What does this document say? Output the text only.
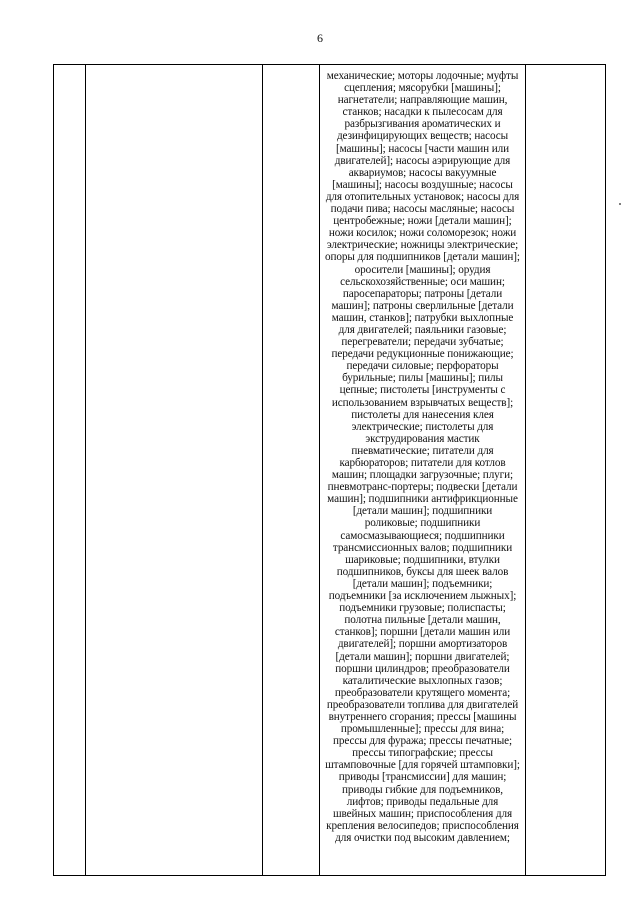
6

механические; моторы лодочные; муфты
сцепления; мясорубки [машины];
нагнетатели; направляющие машин,
станков; насадки к пылесосам для
разбрызгивания ароматических и
дезинфицирующих веществ; насосы
[машины]; насосы [части машин или
двигателей]; насосы аэрирующие для
аквариумов; насосы вакуумные
[машины]; насосы воздушные; насосы
для отопительных установок; насосы для
подачи пива; насосы масляные; насосы
центробежные; ножи [детали машин];
ножи косилок; ножи соломорезок; ножи
электрические; ножницы электрические;
опоры для подшипников [детали машин];
оросители [машины]; орудия
сельскохозяйственные; оси машин;
паросепараторы; патроны [детали
машин]; патроны сверлильные [детали
машин, станков]; патрубки выхлопные
для двигателей; паяльники газовые;
перегреватели; передачи зубчатые;
передачи редукционные понижающие;
передачи силовые; перфораторы
бурильные; пилы [машины]; пилы
цепные; пистолеты [инструменты с
использованием взрывчатых веществ];
пистолеты для нанесения клея
электрические; пистолеты для
экструдирования мастик
пневматические; питатели для
карбюраторов; питатели для котлов
машин; площадки загрузочные; плуги;
пневмотранс-портеры; подвески [детали
машин]; подшипники антифрикционные
[детали машин]; подшипники
роликовые; подшипники
самосмазывающиеся; подшипники
трансмиссионных валов; подшипники
шариковые; подшипники, втулки
подшипников, буксы для шеек валов
[детали машин]; подъемники;
подъемники [за исключением лыжных];
подъемники грузовые; полиспасты;
полотна пильные [детали машин,
станков]; поршни [детали машин или
двигателей]; поршни амортизаторов
[детали машин]; поршни двигателей;
поршни цилиндров; преобразователи
каталитические выхлопных газов;
преобразователи крутящего момента;
преобразователи топлива для двигателей
внутреннего сгорания; прессы [машины
промышленные]; прессы для вина;
прессы для фуража; прессы печатные;
прессы типографские; прессы
штамповочные [для горячей штамповки];
приводы [трансмиссии] для машин;
приводы гибкие для подъемников,
лифтов; приводы педальные для
швейных машин; приспособления для
крепления велосипедов; приспособления
для очистки под высоким давлением;
